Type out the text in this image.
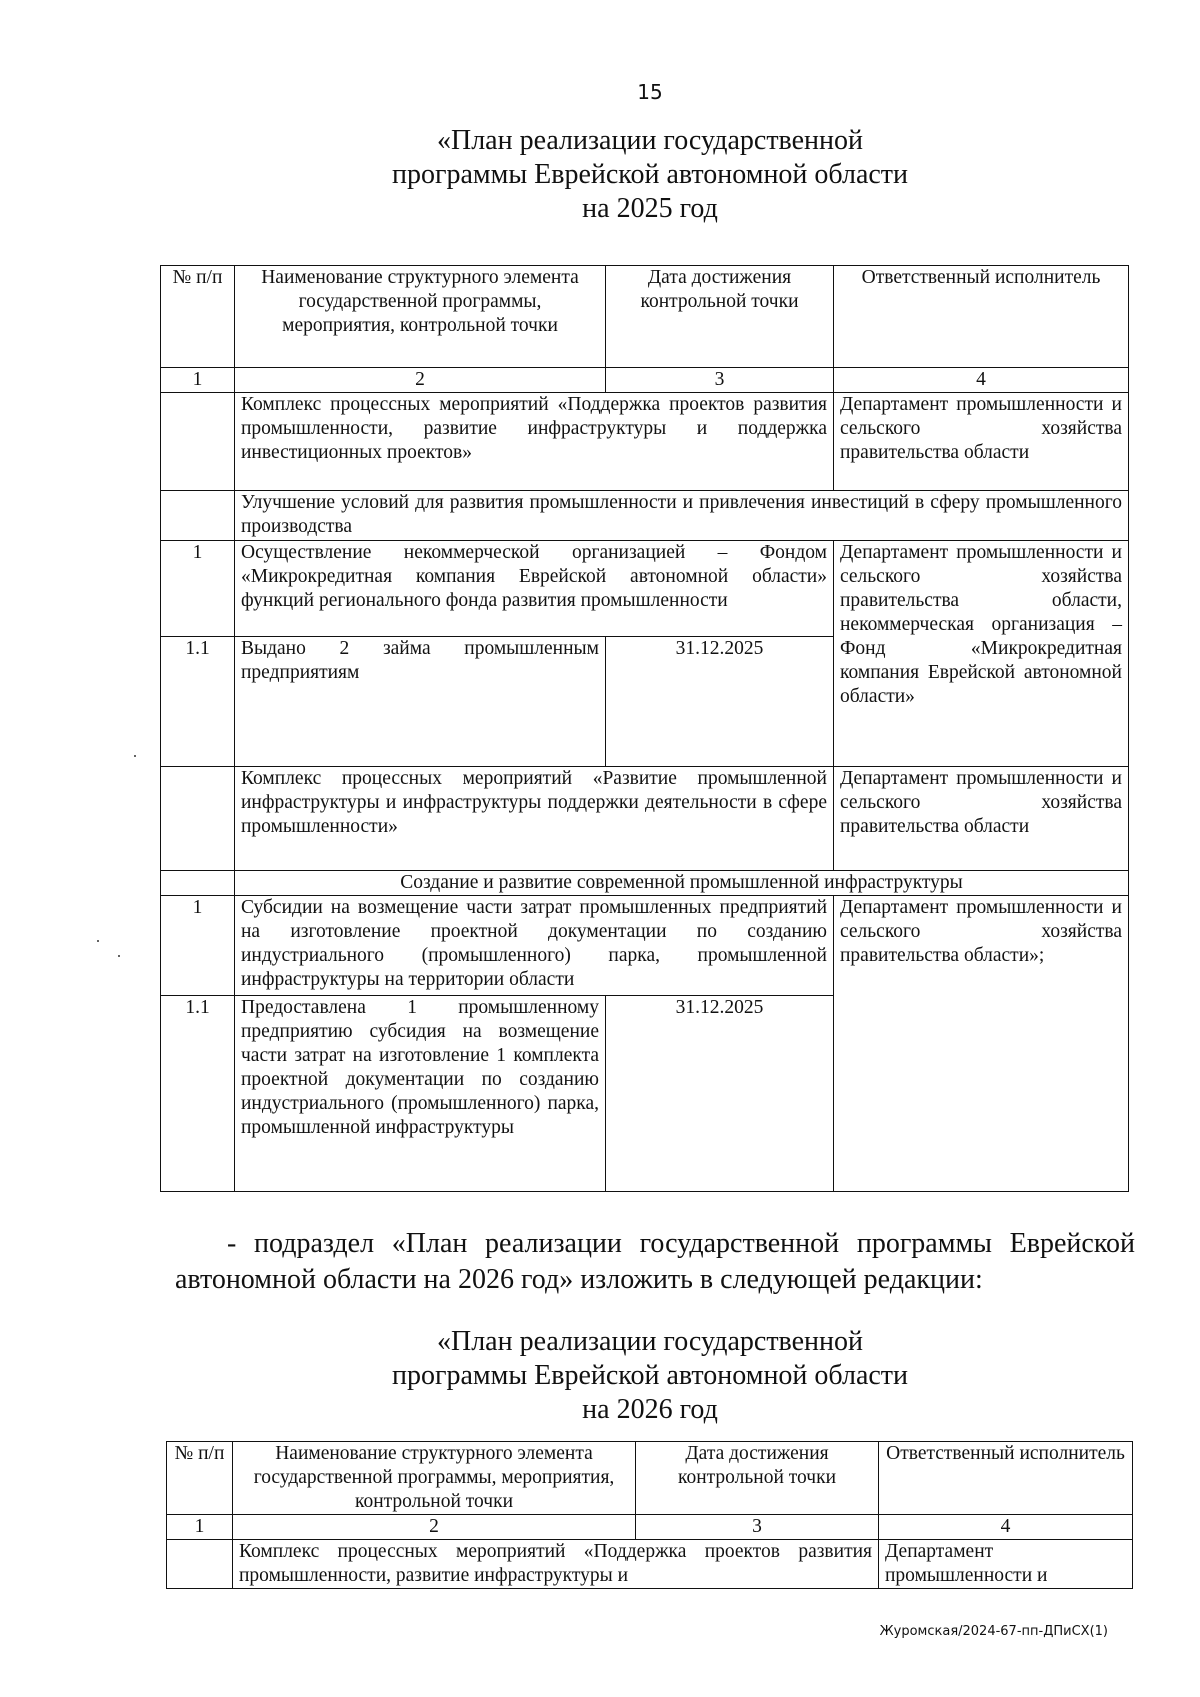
15
«План реализации государственной
программы Еврейской автономной области
на 2025 год
№ п/п	Наименование структурного элемента государственной программы, мероприятия, контрольной точки	Дата достижения контрольной точки	Ответственный исполнитель
1	2	3	4
	Комплекс процессных мероприятий «Поддержка проектов развития промышленности, развитие инфраструктуры и поддержка инвестиционных проектов»		Департамент промышленности и сельского хозяйства правительства области
	Улучшение условий для развития промышленности и привлечения инвестиций в сферу промышленного производства		
1	Осуществление некоммерческой организацией – Фондом «Микрокредитная компания Еврейской автономной области» функций регионального фонда развития промышленности		Департамент промышленности и сельского хозяйства правительства области, некоммерческая организация – Фонд «Микрокредитная компания Еврейской автономной области»
1.1	Выдано 2 займа промышленным предприятиям	31.12.2025	
	Комплекс процессных мероприятий «Развитие промышленной инфраструктуры и инфраструктуры поддержки деятельности в сфере промышленности»		Департамент промышленности и сельского хозяйства правительства области
	Создание и развитие современной промышленной инфраструктуры		
1	Субсидии на возмещение части затрат промышленных предприятий на изготовление проектной документации по созданию индустриального (промышленного) парка, промышленной инфраструктуры на территории области		Департамент промышленности и сельского хозяйства правительства области»;
1.1	Предоставлена 1 промышленному предприятию субсидия на возмещение части затрат на изготовление 1 комплекта проектной документации по созданию индустриального (промышленного) парка, промышленной инфраструктуры	31.12.2025	
- подраздел «План реализации государственной программы Еврейской автономной области на 2026 год» изложить в следующей редакции:
«План реализации государственной
программы Еврейской автономной области
на 2026 год
№ п/п	Наименование структурного элемента государственной программы, мероприятия, контрольной точки	Дата достижения контрольной точки	Ответственный исполнитель
1	2	3	4
	Комплекс процессных мероприятий «Поддержка проектов развития промышленности, развитие инфраструктуры и		Департамент промышленности и
Журомская/2024-67-пп-ДПиСХ(1)
